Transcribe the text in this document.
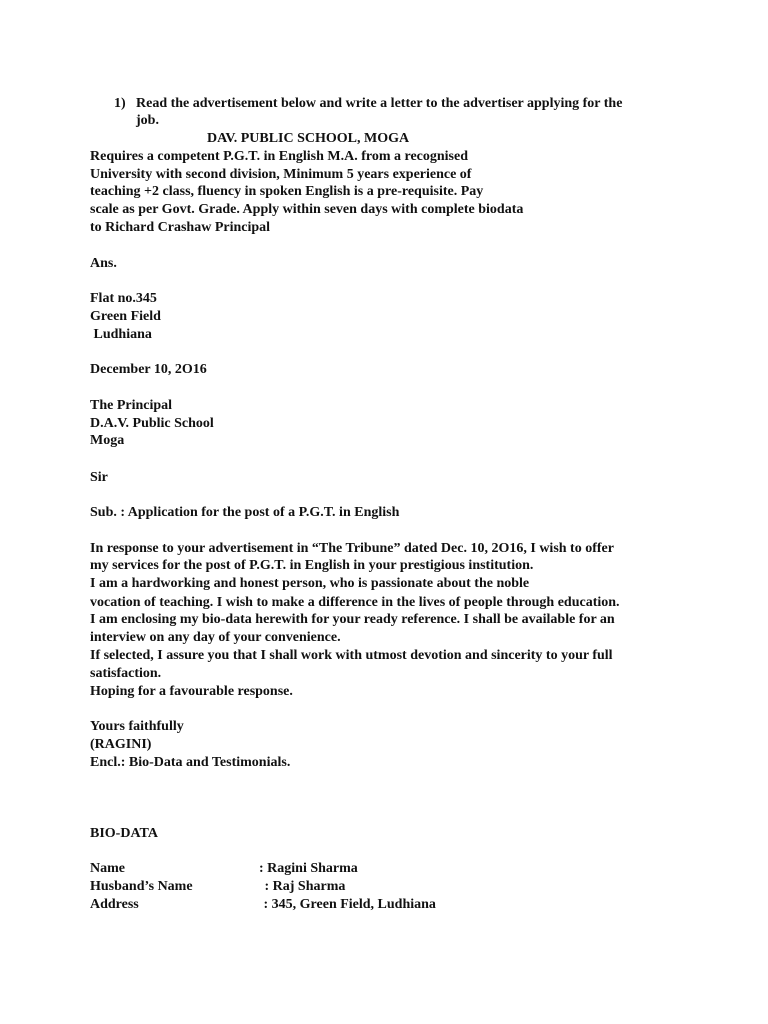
1) Read the advertisement below and write a letter to the advertiser applying for the

job.

DAV. PUBLIC SCHOOL, MOGA

Requires a competent P.G.T. in English M.A. from a recognised

University with second division, Minimum 5 years experience of

teaching +2 class, fluency in spoken English is a pre-requisite. Pay

scale as per Govt. Grade. Apply within seven days with complete biodata

to Richard Crashaw Principal

Ans.

Flat no.345

Green Field

Ludhiana

December 10, 2O16

The Principal

D.A.V. Public School

Moga

Sir

Sub. : Application for the post of a P.G.T. in English

In response to your advertisement in “The Tribune” dated Dec. 10, 2O16, I wish to offer

my services for the post of P.G.T. in English in your prestigious institution.

I am a hardworking and honest person, who is passionate about the noble

vocation of teaching. I wish to make a difference in the lives of people through education.

I am enclosing my bio-data herewith for your ready reference. I shall be available for an

interview on any day of your convenience.

If selected, I assure you that I shall work with utmost devotion and sincerity to your full

satisfaction.

Hoping for a favourable response.

Yours faithfully

(RAGINI)

Encl.: Bio-Data and Testimonials.

BIO-DATA

Name	: Ragini Sharma
Husband’s Name	: Raj Sharma
Address	: 345, Green Field, Ludhiana
